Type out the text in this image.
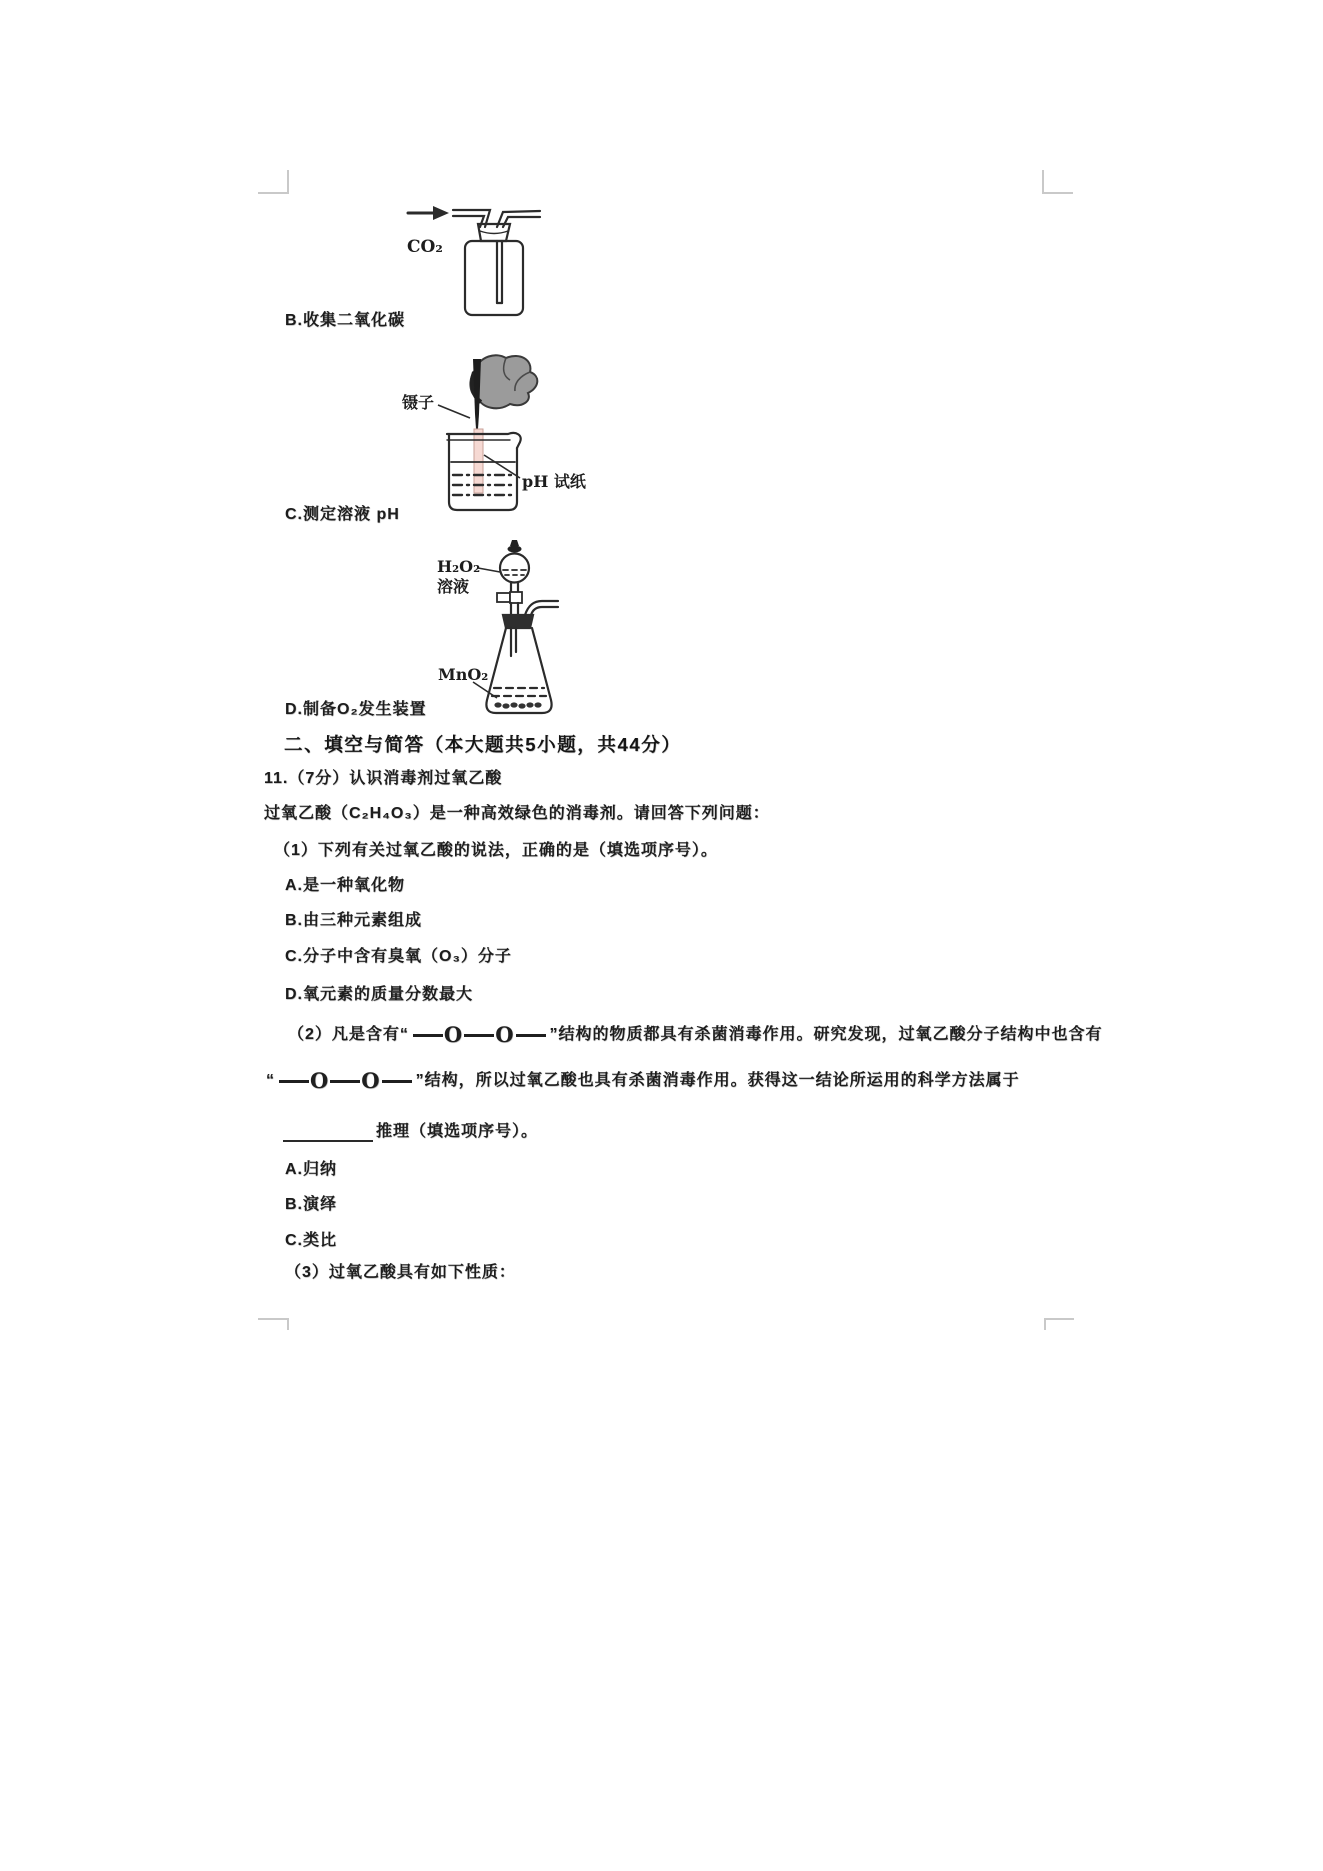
CO₂
镊子
pH 试纸
H₂O₂
溶液
MnO₂
B.收集二氧化碳
C.测定溶液 pH
D.制备O₂发生装置
二、填空与简答（本大题共5小题，共44分）
11.（7分）认识消毒剂过氧乙酸
过氧乙酸（C₂H₄O₃）是一种高效绿色的消毒剂。请回答下列问题：
（1）下列有关过氧乙酸的说法，正确的是（填选项序号）。
A.是一种氧化物
B.由三种元素组成
C.分子中含有臭氧（O₃）分子
D.氧元素的质量分数最大
（2）凡是含有“ O O ”结构的物质都具有杀菌消毒作用。研究发现，过氧乙酸分子结构中也含有
“ O O ”结构，所以过氧乙酸也具有杀菌消毒作用。获得这一结论所运用的科学方法属于
推理（填选项序号）。
A.归纳
B.演绎
C.类比
（3）过氧乙酸具有如下性质：
